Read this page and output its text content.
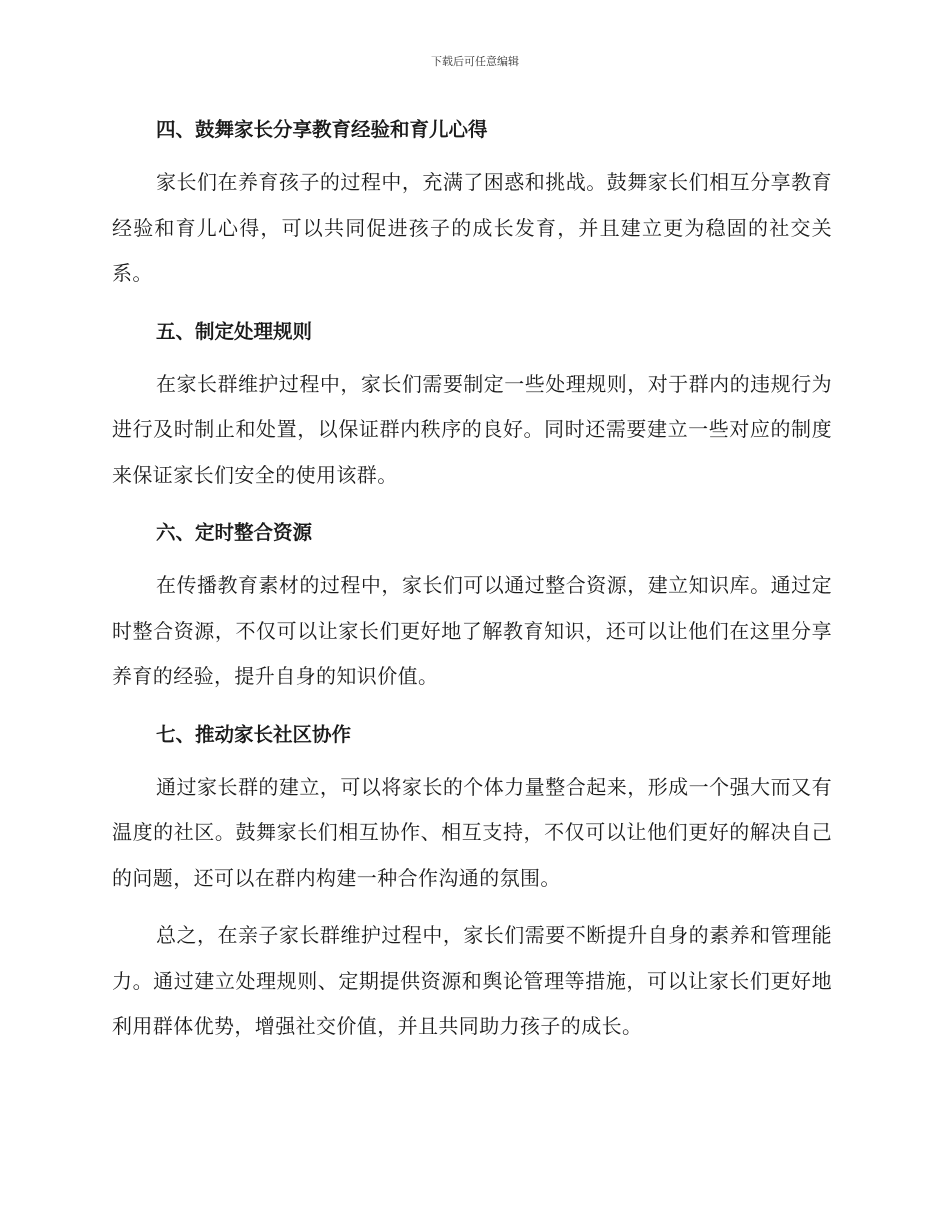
下载后可任意编辑
四、鼓舞家长分享教育经验和育儿心得

家长们在养育孩子的过程中，充满了困惑和挑战。鼓舞家长们相互分享教育经验和育儿心得，可以共同促进孩子的成长发育，并且建立更为稳固的社交关系。

五、制定处理规则

在家长群维护过程中，家长们需要制定一些处理规则，对于群内的违规行为进行及时制止和处置，以保证群内秩序的良好。同时还需要建立一些对应的制度来保证家长们安全的使用该群。

六、定时整合资源

在传播教育素材的过程中，家长们可以通过整合资源，建立知识库。通过定时整合资源，不仅可以让家长们更好地了解教育知识，还可以让他们在这里分享养育的经验，提升自身的知识价值。

七、推动家长社区协作

通过家长群的建立，可以将家长的个体力量整合起来，形成一个强大而又有温度的社区。鼓舞家长们相互协作、相互支持，不仅可以让他们更好的解决自己的问题，还可以在群内构建一种合作沟通的氛围。

总之，在亲子家长群维护过程中，家长们需要不断提升自身的素养和管理能力。通过建立处理规则、定期提供资源和舆论管理等措施，可以让家长们更好地利用群体优势，增强社交价值，并且共同助力孩子的成长。
